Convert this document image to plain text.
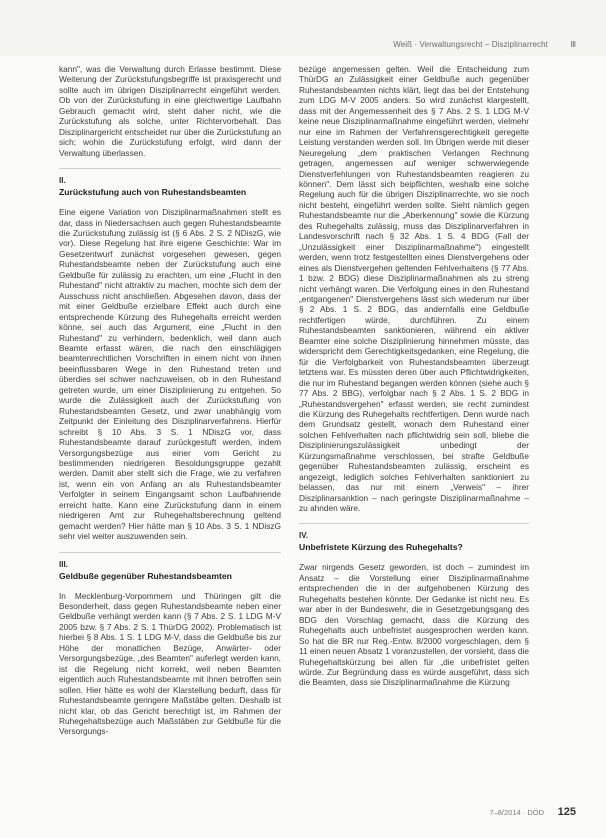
Weiß · Verwaltungsrecht – Disziplinarrecht	Ⅲ

kann", was die Verwaltung durch Erlasse bestimmt. Diese Weiterung der Zurückstufungsbegriffe ist praxisgerecht und sollte auch im übrigen Disziplinarrecht eingeführt werden. Ob von der Zurückstufung in eine gleichwertige Laufbahn Gebrauch gemacht wird, steht daher nicht, wie die Zurückstufung als solche, unter Richtervorbehalt. Das Disziplinargericht entscheidet nur über die Zurückstufung an sich; wohin die Zurückstufung erfolgt, wird dann der Verwaltung überlassen.

II.
Zurückstufung auch von Ruhestandsbeamten

Eine eigene Variation von Disziplinarmaßnahmen stellt es dar, dass in Niedersachsen auch gegen Ruhestandsbeamte die Zurückstufung zulässig ist (§ 6 Abs. 2 S. 2 NDiszG, wie vor). Diese Regelung hat ihre eigene Geschichte: War im Gesetzentwurf zunächst vorgesehen gewesen, gegen Ruhestandsbeamte neben der Zurückstufung auch eine Geldbuße für zulässig zu erachten, um eine „Flucht in den Ruhestand" nicht attraktiv zu machen, mochte sich dem der Ausschuss nicht anschließen. Abgesehen davon, dass der mit einer Geldbuße erzielbare Effekt auch durch eine entsprechende Kürzung des Ruhegehalts erreicht werden könne, sei auch das Argument, eine „Flucht in den Ruhestand" zu verhindern, bedenklich, weil dann auch Beamte erfasst wären, die nach den einschlägigen beamtenrechtlichen Vorschriften in einem nicht von ihnen beeinflussbaren Wege in den Ruhestand treten und überdies sei schwer nachzuweisen, ob in den Ruhestand getreten wurde, um einer Disziplinierung zu entgehen. So wurde die Zulässigkeit auch der Zurückstufung von Ruhestandsbeamten Gesetz, und zwar unabhängig vom Zeitpunkt der Einleitung des Disziplinarverfahrens. Hierfür schreibt § 10 Abs. 3 S. 1 NDiszG vor, dass Ruhestandsbeamte darauf zurückgestuft werden, indem Versorgungsbezüge aus einer vom Gericht zu bestimmenden niedrigeren Besoldungsgruppe gezahlt werden. Damit aber stellt sich die Frage, wie zu verfahren ist, wenn ein von Anfang an als Ruhestandsbeamter Verfolgter in seinem Eingangsamt schon Laufbahnende erreicht hatte. Kann eine Zurückstufung dann in einem niedrigeren Amt zur Ruhegehaltsberechnung geltend gemacht werden? Hier hätte man § 10 Abs. 3 S. 1 NDiszG sehr viel weiter auszuwenden sein.

III.
Geldbuße gegenüber Ruhestandsbeamten

In Mecklenburg-Vorpommern und Thüringen gilt die Besonderheit, dass gegen Ruhestandsbeamte neben einer Geldbuße verhängt werden kann (§ 7 Abs. 2 S. 1 LDG M-V 2005 bzw. § 7 Abs. 2 S. 1 ThürDG 2002). Problematisch ist hierbei § 8 Abs. 1 S. 1 LDG M-V, dass die Geldbuße bis zur Höhe der monatlichen Bezüge, Anwärter- oder Versorgungsbezüge, „des Beamten" auferlegt werden kann, ist die Regelung nicht korrekt, weil neben Beamten eigentlich auch Ruhestandsbeamte mit ihnen betroffen sein sollen. Hier hätte es wohl der Klarstellung bedurft, dass für Ruhestandsbeamte geringere Maßstäbe gelten. Deshalb ist nicht klar, ob das Gericht berechtigt ist, im Rahmen der Ruhegehaltsbezüge auch Maßstäben zur Geldbuße für die Versorgungs-

bezüge angemessen gelten. Weil die Entscheidung zum ThürDG an Zulässigkeit einer Geldbuße auch gegenüber Ruhestandsbeamten nichts klärt, liegt das bei der Entstehung zum LDG M-V 2005 anders. So wird zunächst klargestellt, dass mit der Angemessenheit des § 7 Abs. 2 S. 1 LDG M-V keine neue Disziplinarmaßnahme eingeführt werden, vielmehr nur eine im Rahmen der Verfahrensgerechtigkeit geregelte Leistung verstanden werden soll. Im Übrigen werde mit dieser Neuregelung „dem praktischen Verlangen Rechnung getragen, angemessen auf weniger schwerwiegende Dienstverfehlungen von Ruhestandsbeamten reagieren zu können". Dem lässt sich beipflichten, weshalb eine solche Regelung auch für die übrigen Disziplinarrechte, wo sie noch nicht besteht, eingeführt werden sollte. Sieht nämlich gegen Ruhestandsbeamte nur die „Aberkennung" sowie die Kürzung des Ruhegehalts zulässig, muss das Disziplinarverfahren in Landesvorschrift nach § 32 Abs. 1 S. 4 BDG (Fall der „Unzulässigkeit einer Disziplinarmaßnahme") eingestellt werden, wenn trotz festgestellten eines Dienstvergehens oder eines als Dienstvergehen geltenden Fehlverhaltens (§ 77 Abs. 1 bzw. 2 BDG) diese Disziplinarmaßnahmen als zu streng nicht verhängt waren. Die Verfolgung eines in den Ruhestand „entgangenen" Dienstvergehens lässt sich wiederum nur über § 2 Abs. 1 S. 2 BDG, das andernfalls eine Geldbuße rechtfertigen würde, durchführen. Zu einem Ruhestandsbeamten sanktionieren, während ein aktiver Beamter eine solche Disziplinierung hinnehmen müsste, das widerspricht dem Gerechtigkeitsgedanken, eine Regelung, die für die Verfolgbarkeit von Ruhestandsbeamten überzeugt letztens war. Es müssten deren über auch Pflichtwidrigkeiten, die nur im Ruhestand begangen werden können (siehe auch § 77 Abs. 2 BBG), verfolgbar nach § 2 Abs. 1 S. 2 BDG in „Ruhestandsvergehen" erfasst werden, sie recht zumindest die Kürzung des Ruhegehalts rechtfertigen. Denn wurde nach dem Grundsatz gestellt, wonach dem Ruhestand einer solchen Fehlverhalten nach pflichtwidrig sein soll, bliebe die Disziplinierungszulässigkeit unbedingt der Kürzungsmaßnahme verschlossen, bei strafte Geldbuße gegenüber Ruhestandsbeamten zulässig, erscheint es angezeigt, lediglich solches Fehlverhalten sanktioniert zu belassen, das nur mit einem „Verweis" – ihrer Disziplinarsanktion – nach geringste Disziplinarmaßnahme – zu ahnden wäre.

IV.
Unbefristete Kürzung des Ruhegehalts?

Zwar nirgends Gesetz geworden, ist doch – zumindest im Ansatz – die Vorstellung einer Disziplinarmaßnahme entsprechenden die in der aufgehobenen Kürzung des Ruhegehalts bestehen könnte. Der Gedanke ist nicht neu. Es war aber in der Bundeswehr, die in Gesetzgebungsgang des BDG den Vorschlag gemacht, dass die Kürzung des Ruhegehalts auch unbefristet ausgesprochen werden kann. So hat die BR nur Reg.-Entw. 8/2000 vorgeschlagen, dem § 11 einen neuen Absatz 1 voranzustellen, der vorsieht, dass die Ruhegehaltskürzung bei allen für „die unbefristet gelten würde. Zur Begründung dass es würde ausgeführt, dass sich die Beamten, dass sie Disziplinarmaßnahme die Kürzung

7–8/2014 · DÖD 125
